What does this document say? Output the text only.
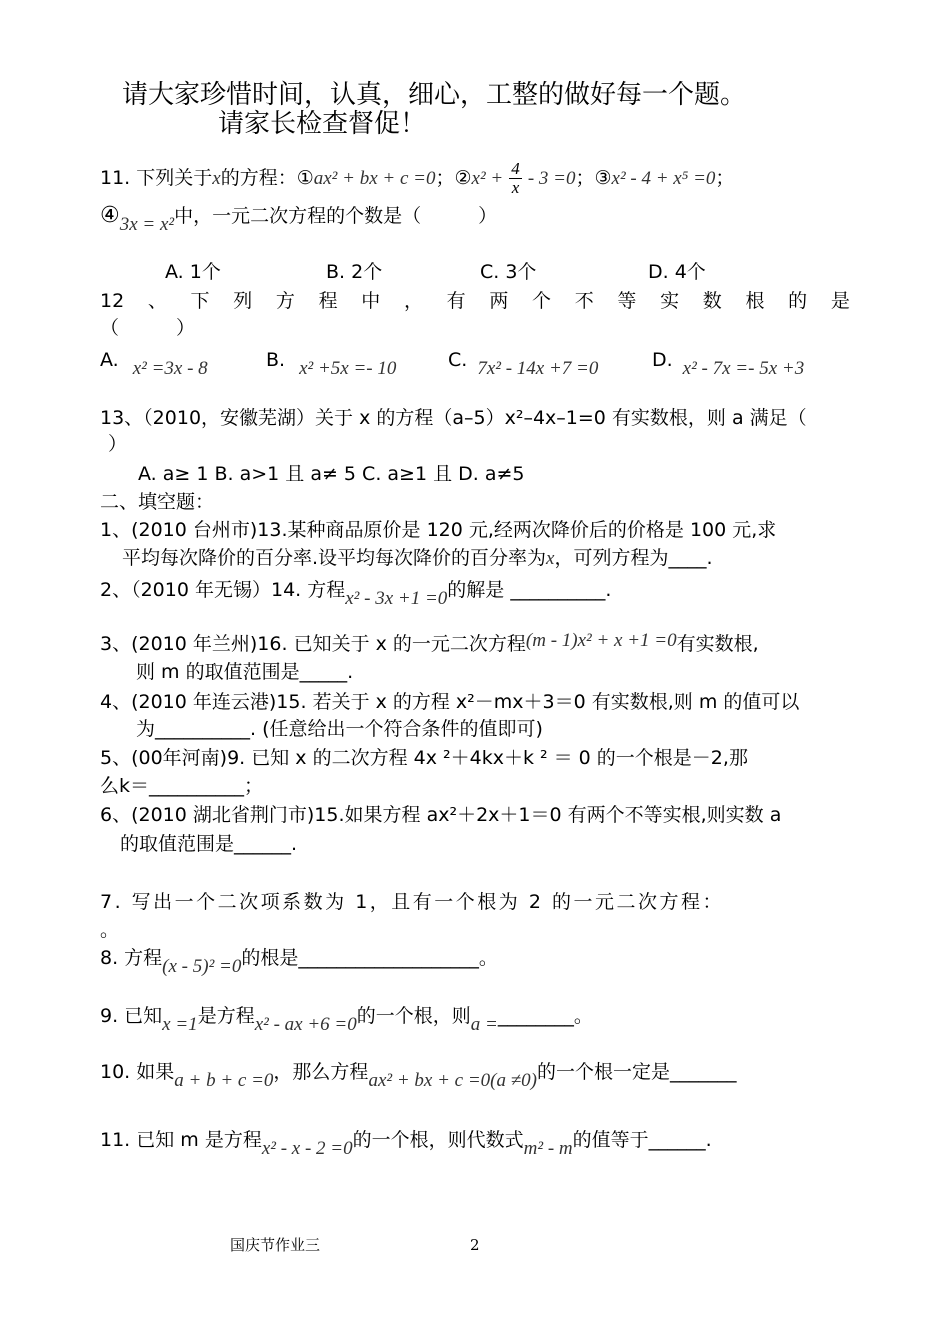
请大家珍惜时间，认真，细心，工整的做好每一个题。
请家长检查督促！
11. 下列关于x的方程：①ax² + bx + c =0；②x² + $\frac{4}{x} - 3 =0$；③x² - 4 + x⁵ =0；
④3x = x²中，一元二次方程的个数是（　　　）
A. 1个	B. 2个	C. 3个	D. 4个
12 、 下 列 方 程 中 ， 有 两 个 不 等 实 数 根 的 是
（　　　）
A. x² =3x - 8	B. x² +5x =- 10	C. 7x² - 14x +7 =0	D. x² - 7x =- 5x +3
13、（2010，安徽芜湖）关于 x 的方程（a–5）x²–4x–1=0 有实数根，则 a 满足（
）
A. a≥ 1 B. a>1 且 a≠ 5 C. a≥1 且 D. a≠5
二、填空题：
1、(2010 台州市)13.某种商品原价是 120 元,经两次降价后的价格是 100 元,求
平均每次降价的百分率.设平均每次降价的百分率为x，可列方程为____.
2、（2010 年无锡）14. 方程x² - 3x +1 =0的解是 __________.
3、(2010 年兰州)16. 已知关于 x 的一元二次方程(m - 1)x² + x +1 =0有实数根,
则 m 的取值范围是_____.
4、(2010 年连云港)15. 若关于 x 的方程 x²－mx＋3＝0 有实数根,则 m 的值可以
为__________. (任意给出一个符合条件的值即可)
5、(00年河南)9. 已知 x 的二次方程 4x ²＋4kx＋k ² ＝ 0 的一个根是－2,那
么k＝__________；
6、(2010 湖北省荆门市)15.如果方程 ax²＋2x＋1＝0 有两个不等实根,则实数 a
的取值范围是______.
7. 写出一个二次项系数为 1，且有一个根为 2 的一元二次方程：
。
8. 方程(x - 5)² =0的根是___________________。
9. 已知x =1是方程x² - ax +6 =0的一个根，则a =________。
10. 如果a + b + c =0，那么方程ax² + bx + c =0(a ≠0)的一个根一定是_______
11. 已知 m 是方程x² - x - 2 =0的一个根，则代数式m² - m的值等于______.
国庆节作业三	2
